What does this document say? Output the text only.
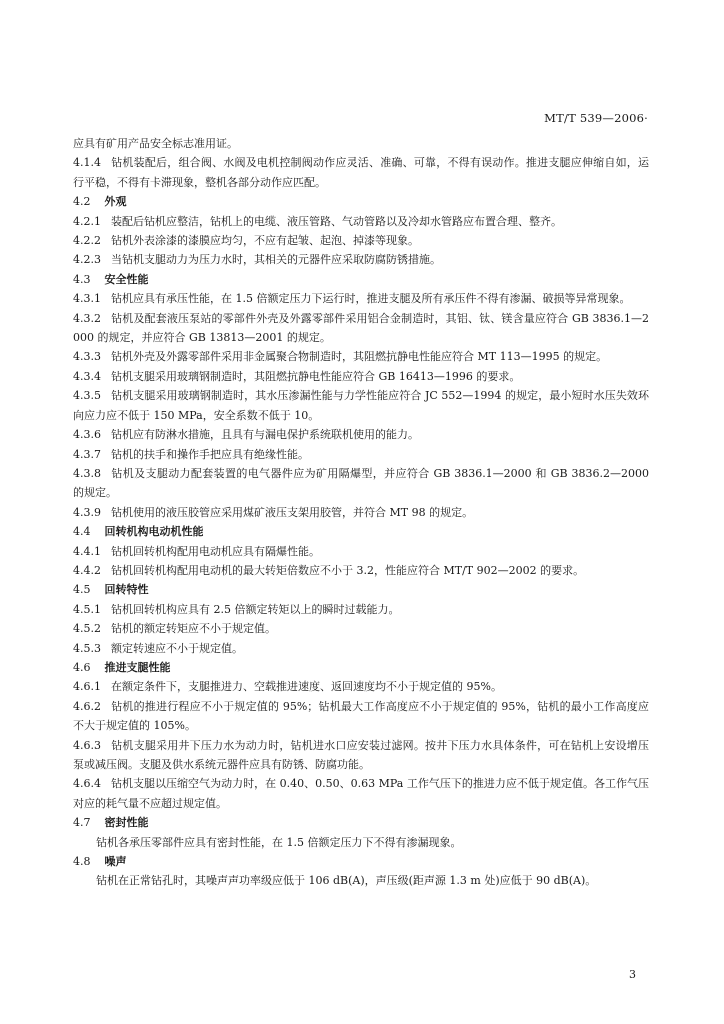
MT/T 539—2006·
应具有矿用产品安全标志准用证。
4.1.4 钻机装配后，组合阀、水阀及电机控制阀动作应灵活、准确、可靠，不得有误动作。推进支腿应伸缩自如，运行平稳，不得有卡滞现象，整机各部分动作应匹配。
4.2 外观
4.2.1 装配后钻机应整洁，钻机上的电缆、液压管路、气动管路以及冷却水管路应布置合理、整齐。
4.2.2 钻机外表涂漆的漆膜应均匀，不应有起皱、起泡、掉漆等现象。
4.2.3 当钻机支腿动力为压力水时，其相关的元器件应采取防腐防锈措施。
4.3 安全性能
4.3.1 钻机应具有承压性能，在 1.5 倍额定压力下运行时，推进支腿及所有承压件不得有渗漏、破损等异常现象。
4.3.2 钻机及配套液压泵站的零部件外壳及外露零部件采用铝合金制造时，其铝、钛、镁含量应符合 GB 3836.1—2000 的规定，并应符合 GB 13813—2001 的规定。
4.3.3 钻机外壳及外露零部件采用非金属聚合物制造时，其阻燃抗静电性能应符合 MT 113—1995 的规定。
4.3.4 钻机支腿采用玻璃钢制造时，其阻燃抗静电性能应符合 GB 16413—1996 的要求。
4.3.5 钻机支腿采用玻璃钢制造时，其水压渗漏性能与力学性能应符合 JC 552—1994 的规定，最小短时水压失效环向应力应不低于 150 MPa，安全系数不低于 10。
4.3.6 钻机应有防淋水措施，且具有与漏电保护系统联机使用的能力。
4.3.7 钻机的扶手和操作手把应具有绝缘性能。
4.3.8 钻机及支腿动力配套装置的电气器件应为矿用隔爆型，并应符合 GB 3836.1—2000 和 GB 3836.2—2000 的规定。
4.3.9 钻机使用的液压胶管应采用煤矿液压支架用胶管，并符合 MT 98 的规定。
4.4 回转机构电动机性能
4.4.1 钻机回转机构配用电动机应具有隔爆性能。
4.4.2 钻机回转机构配用电动机的最大转矩倍数应不小于 3.2，性能应符合 MT/T 902—2002 的要求。
4.5 回转特性
4.5.1 钻机回转机构应具有 2.5 倍额定转矩以上的瞬时过载能力。
4.5.2 钻机的额定转矩应不小于规定值。
4.5.3 额定转速应不小于规定值。
4.6 推进支腿性能
4.6.1 在额定条件下，支腿推进力、空载推进速度、返回速度均不小于规定值的 95%。
4.6.2 钻机的推进行程应不小于规定值的 95%；钻机最大工作高度应不小于规定值的 95%，钻机的最小工作高度应不大于规定值的 105%。
4.6.3 钻机支腿采用井下压力水为动力时，钻机进水口应安装过滤网。按井下压力水具体条件，可在钻机上安设增压泵或减压阀。支腿及供水系统元器件应具有防锈、防腐功能。
4.6.4 钻机支腿以压缩空气为动力时，在 0.40、0.50、0.63 MPa 工作气压下的推进力应不低于规定值。各工作气压对应的耗气量不应超过规定值。
4.7 密封性能
钻机各承压零部件应具有密封性能，在 1.5 倍额定压力下不得有渗漏现象。
4.8 噪声
钻机在正常钻孔时，其噪声声功率级应低于 106 dB(A)，声压级(距声源 1.3 m 处)应低于 90 dB(A)。
3
